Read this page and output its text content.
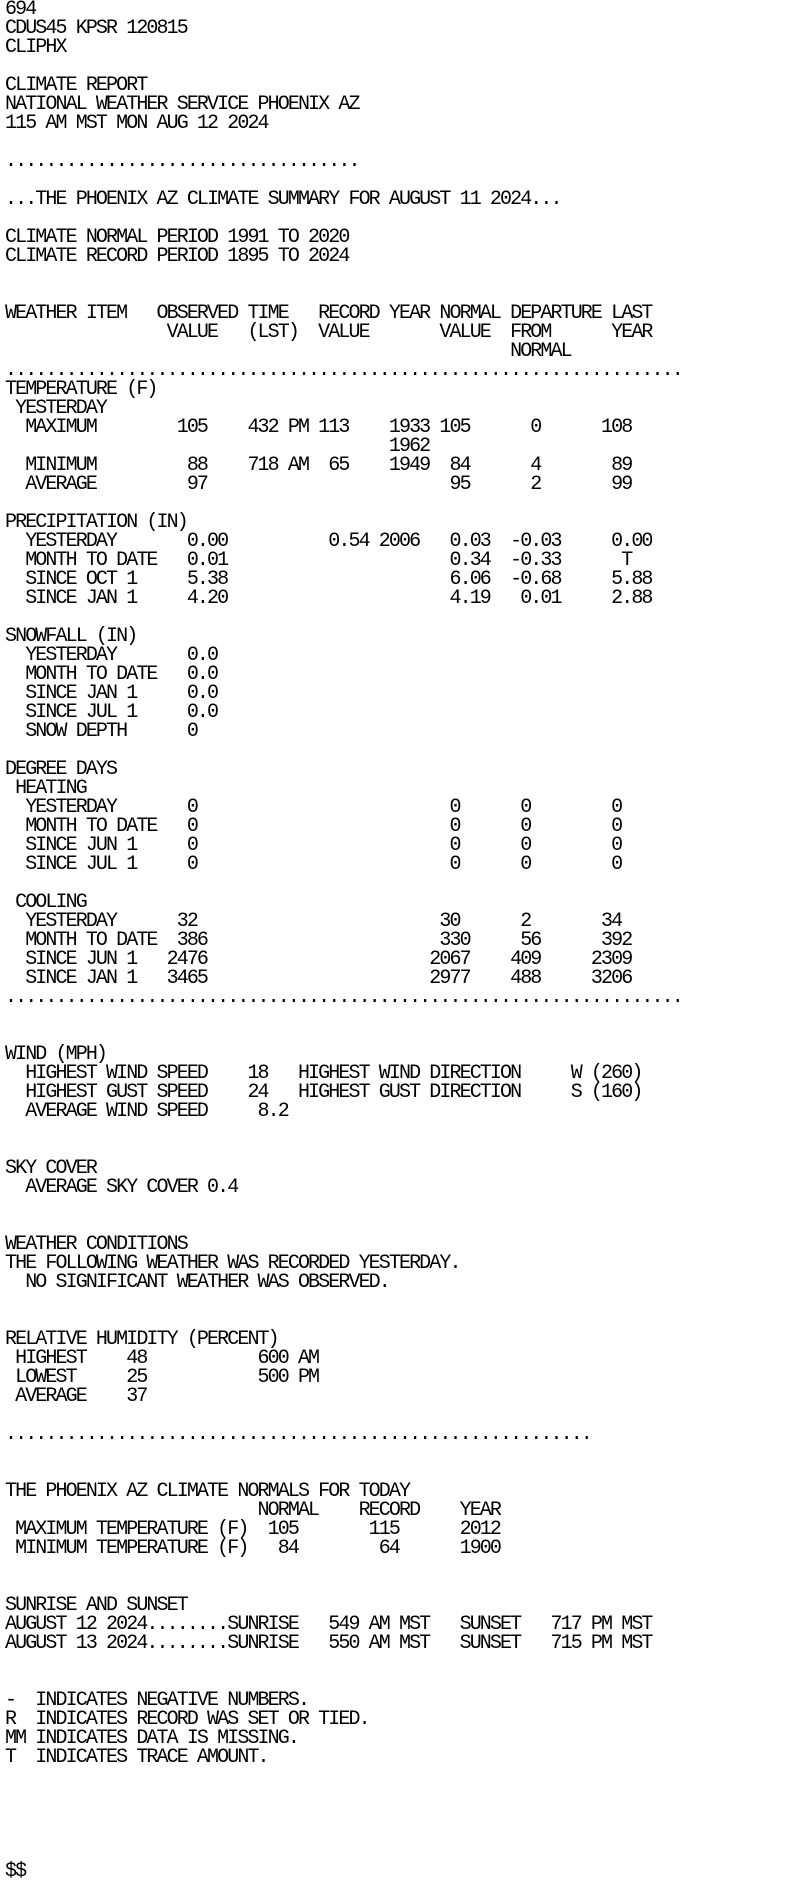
694
CDUS45 KPSR 120815
CLIPHX
CLIMATE REPORT
NATIONAL WEATHER SERVICE PHOENIX AZ
115 AM MST MON AUG 12 2024
...................................
...THE PHOENIX AZ CLIMATE SUMMARY FOR AUGUST 11 2024...
CLIMATE NORMAL PERIOD 1991 TO 2020
CLIMATE RECORD PERIOD 1895 TO 2024
WEATHER ITEM   OBSERVED TIME   RECORD YEAR NORMAL DEPARTURE LAST
VALUE   (LST)  VALUE       VALUE  FROM      YEAR
NORMAL
...................................................................
TEMPERATURE (F)
YESTERDAY
MAXIMUM        105    432 PM 113    1933 105      0      108
1962
MINIMUM         88    718 AM  65    1949  84      4       89
AVERAGE         97                        95      2       99
PRECIPITATION (IN)
YESTERDAY       0.00          0.54 2006   0.03  -0.03     0.00
MONTH TO DATE   0.01                      0.34  -0.33      T
SINCE OCT 1     5.38                      6.06  -0.68     5.88
SINCE JAN 1     4.20                      4.19   0.01     2.88
SNOWFALL (IN)
YESTERDAY       0.0
MONTH TO DATE   0.0
SINCE JAN 1     0.0
SINCE JUL 1     0.0
SNOW DEPTH      0
DEGREE DAYS
HEATING
YESTERDAY       0                         0      0        0
MONTH TO DATE   0                         0      0        0
SINCE JUN 1     0                         0      0        0
SINCE JUL 1     0                         0      0        0
COOLING
YESTERDAY      32                        30      2       34
MONTH TO DATE  386                       330     56      392
SINCE JUN 1   2476                      2067    409     2309
SINCE JAN 1   3465                      2977    488     3206
...................................................................
WIND (MPH)
HIGHEST WIND SPEED    18   HIGHEST WIND DIRECTION     W (260)
HIGHEST GUST SPEED    24   HIGHEST GUST DIRECTION     S (160)
AVERAGE WIND SPEED     8.2
SKY COVER
AVERAGE SKY COVER 0.4
WEATHER CONDITIONS
THE FOLLOWING WEATHER WAS RECORDED YESTERDAY.
NO SIGNIFICANT WEATHER WAS OBSERVED.
RELATIVE HUMIDITY (PERCENT)
HIGHEST    48           600 AM
LOWEST     25           500 PM
AVERAGE    37
..........................................................
THE PHOENIX AZ CLIMATE NORMALS FOR TODAY
NORMAL    RECORD    YEAR
MAXIMUM TEMPERATURE (F)  105       115      2012
MINIMUM TEMPERATURE (F)   84        64      1900
SUNRISE AND SUNSET
AUGUST 12 2024........SUNRISE   549 AM MST   SUNSET   717 PM MST
AUGUST 13 2024........SUNRISE   550 AM MST   SUNSET   715 PM MST
-  INDICATES NEGATIVE NUMBERS.
R  INDICATES RECORD WAS SET OR TIED.
MM INDICATES DATA IS MISSING.
T  INDICATES TRACE AMOUNT.
$$
